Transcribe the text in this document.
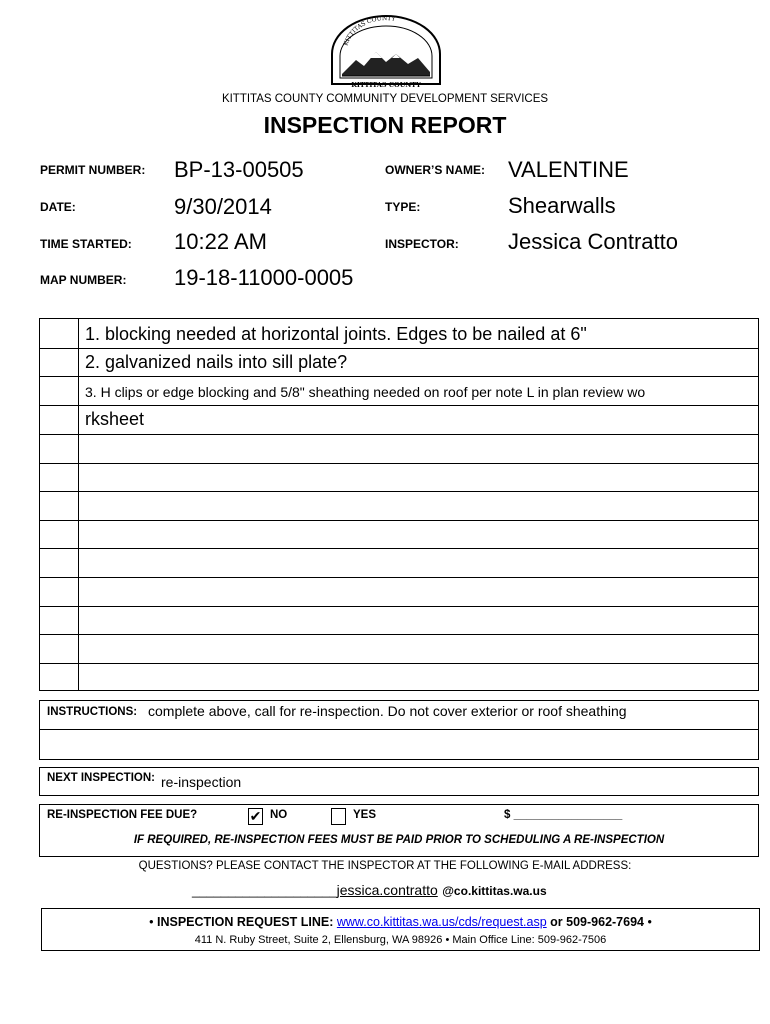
KITTITAS COUNTY
KITTITAS COUNTY
KITTITAS COUNTY COMMUNITY DEVELOPMENT SERVICES
INSPECTION REPORT
PERMIT NUMBER: BP-13-00505
DATE:	9/30/2014
TIME STARTED: 10:22 AM
MAP NUMBER: 19-18-11000-0005
OWNER’S NAME: VALENTINE
TYPE:	Shearwalls
INSPECTOR: Jessica Contratto
1. blocking needed at horizontal joints. Edges to be nailed at 6"
2. galvanized nails into sill plate?
3. H clips or edge blocking and 5/8" sheathing needed on roof per note L in plan review wo
rksheet
INSTRUCTIONS: complete above, call for re-inspection. Do not cover exterior or roof sheathing
NEXT INSPECTION: re-inspection
RE-INSPECTION FEE DUE?	✔ NO	YES	$ _________________
IF REQUIRED, RE-INSPECTION FEES MUST BE PAID PRIOR TO SCHEDULING A RE-INSPECTION
QUESTIONS? PLEASE CONTACT THE INSPECTOR AT THE FOLLOWING E-MAIL ADDRESS:
____________________jessica.contratto @co.kittitas.wa.us
• INSPECTION REQUEST LINE: www.co.kittitas.wa.us/cds/request.asp or 509-962-7694 •
411 N. Ruby Street, Suite 2, Ellensburg, WA 98926 • Main Office Line: 509-962-7506
